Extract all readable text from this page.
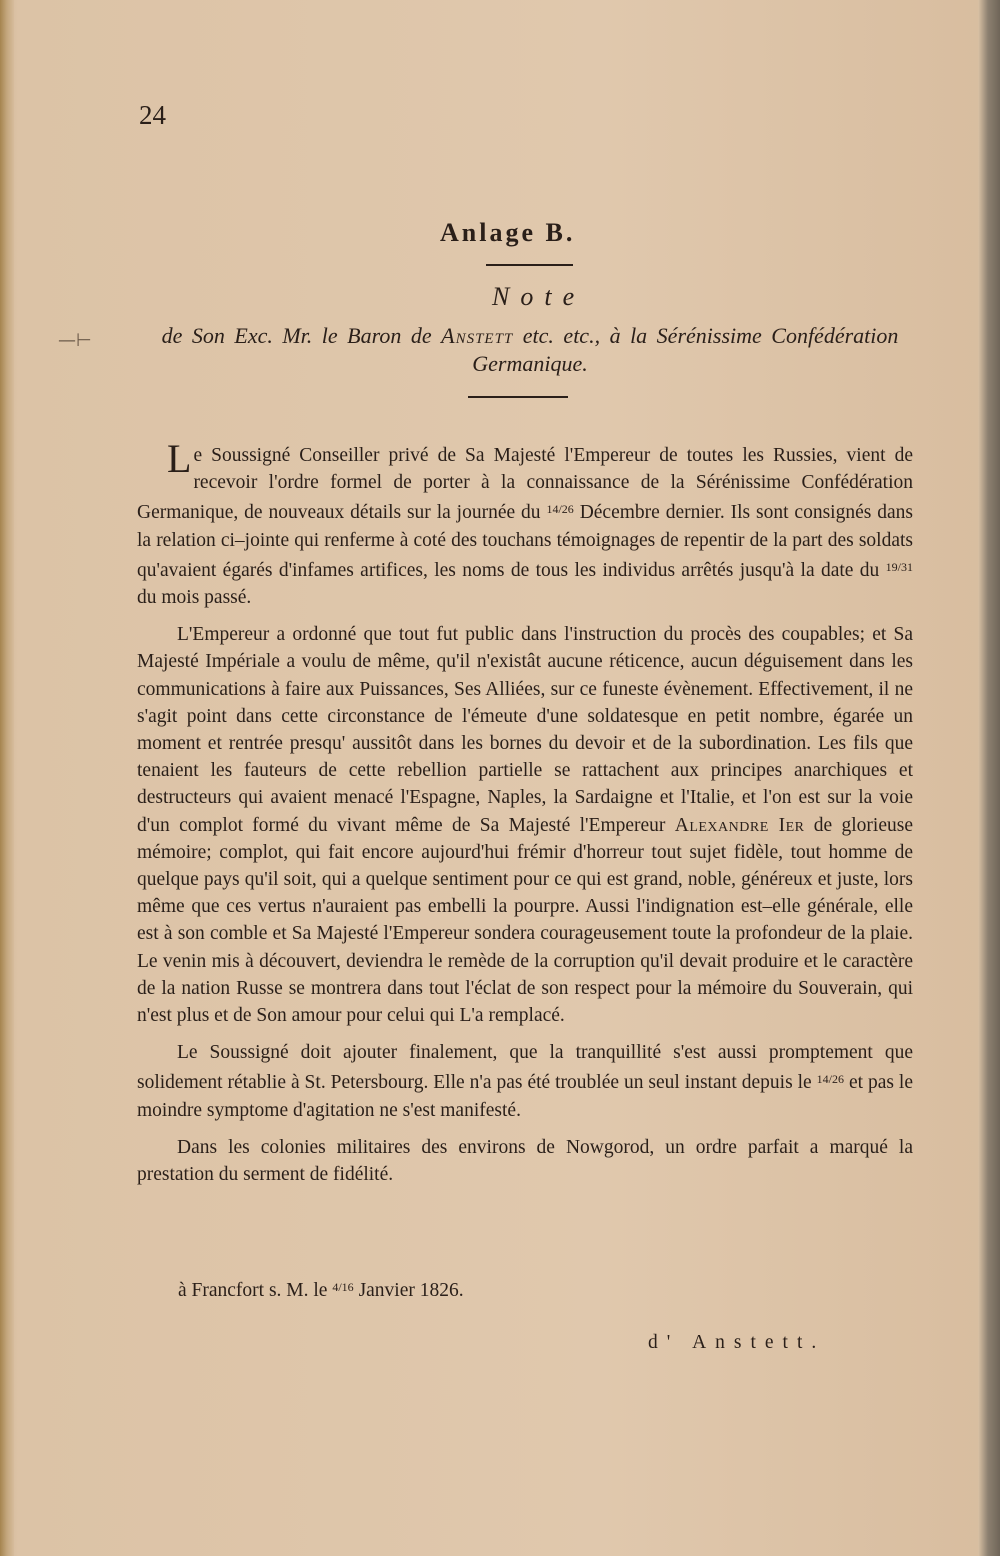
—⊢
24
Anlage B.
Note
de Son Exc. Mr. le Baron de Anstett etc. etc., à la Sérénissime Confédération Germanique.

Le Soussigné Conseiller privé de Sa Majesté l'Empereur de toutes les Russies, vient de recevoir l'ordre formel de porter à la connaissance de la Sérénissime Confédération Germanique, de nouveaux détails sur la journée du $^{14/26}$ Décembre dernier. Ils sont consignés dans la relation ci–jointe qui renferme à coté des touchans témoignages de repentir de la part des soldats qu'avaient égarés d'infames artifices, les noms de tous les individus arrêtés jusqu'à la date du $^{19/31}$ du mois passé.

L'Empereur a ordonné que tout fut public dans l'instruction du procès des coupables; et Sa Majesté Impériale a voulu de même, qu'il n'existât aucune réticence, aucun déguisement dans les communications à faire aux Puissances, Ses Alliées, sur ce funeste évènement. Effectivement, il ne s'agit point dans cette circonstance de l'émeute d'une soldatesque en petit nombre, égarée un moment et rentrée presqu' aussitôt dans les bornes du devoir et de la subordination. Les fils que tenaient les fauteurs de cette rebellion partielle se rattachent aux principes anarchiques et destructeurs qui avaient menacé l'Espagne, Naples, la Sardaigne et l'Italie, et l'on est sur la voie d'un complot formé du vivant même de Sa Majesté l'Empereur Alexandre Ier de glorieuse mémoire; complot, qui fait encore aujourd'hui frémir d'horreur tout sujet fidèle, tout homme de quelque pays qu'il soit, qui a quelque sentiment pour ce qui est grand, noble, généreux et juste, lors même que ces vertus n'auraient pas embelli la pourpre. Aussi l'indignation est–elle générale, elle est à son comble et Sa Majesté l'Empereur sondera courageusement toute la profondeur de la plaie. Le venin mis à découvert, deviendra le remède de la corruption qu'il devait produire et le caractère de la nation Russe se montrera dans tout l'éclat de son respect pour la mémoire du Souverain, qui n'est plus et de Son amour pour celui qui L'a remplacé.

Le Soussigné doit ajouter finalement, que la tranquillité s'est aussi promptement que solidement rétablie à St. Petersbourg. Elle n'a pas été troublée un seul instant depuis le $^{14/26}$ et pas le moindre symptome d'agitation ne s'est manifesté.

Dans les colonies militaires des environs de Nowgorod, un ordre parfait a marqué la prestation du serment de fidélité.

à Francfort s. M. le $^{4/16}$ Janvier 1826.
d' Anstett.
